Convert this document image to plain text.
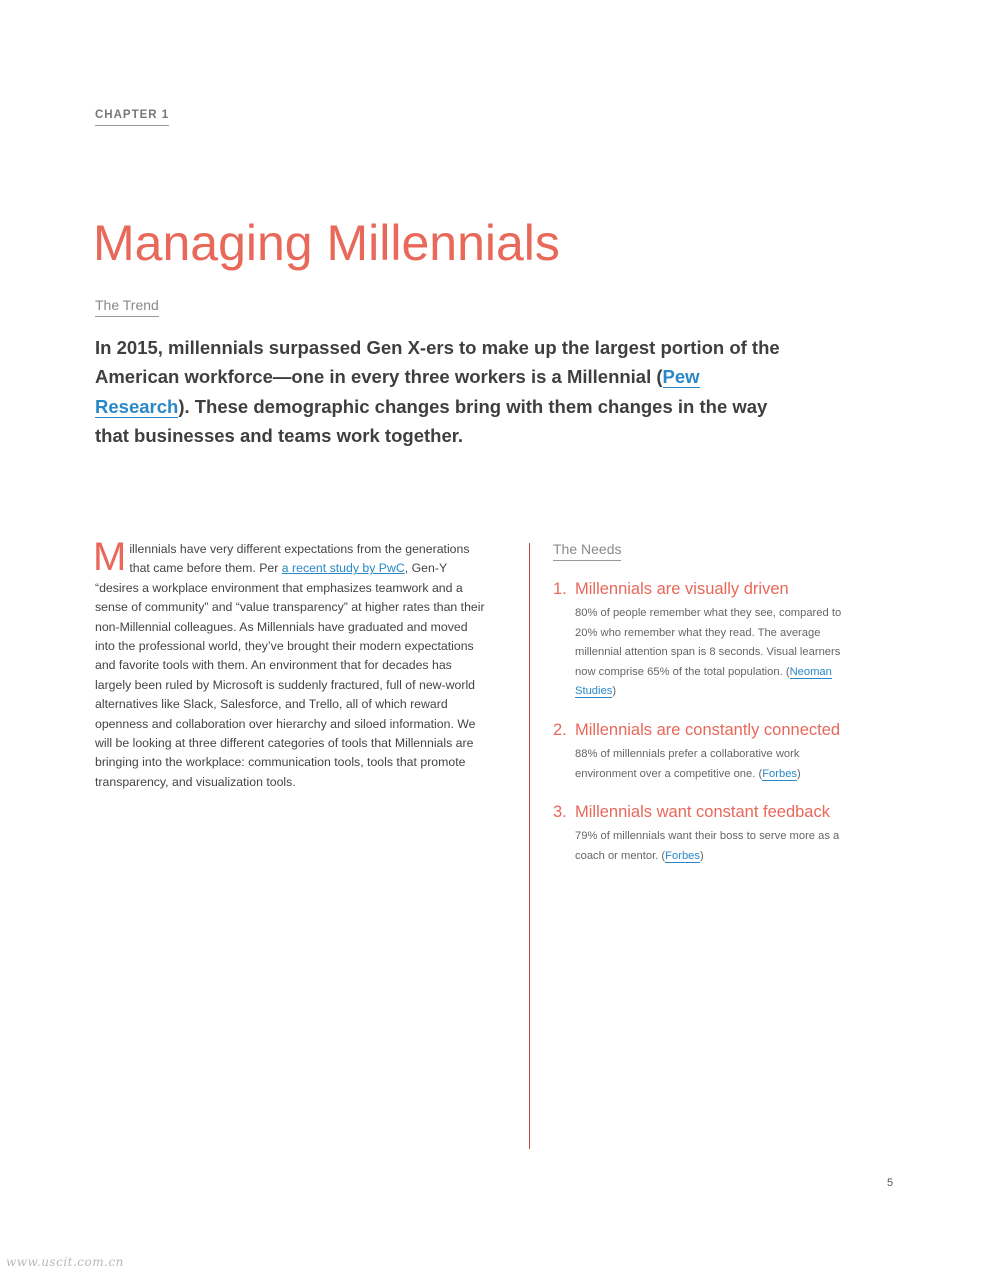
CHAPTER 1
Managing Millennials
The Trend

In 2015, millennials surpassed Gen X-ers to make up the largest portion of the American workforce—one in every three workers is a Millennial (Pew Research). These demographic changes bring with them changes in the way that businesses and teams work together.

Millennials have very different expectations from the generations that came before them. Per a recent study by PwC, Gen-Y “desires a workplace environment that emphasizes teamwork and a sense of community” and “value transparency” at higher rates than their non-Millennial colleagues. As Millennials have graduated and moved into the professional world, they’ve brought their modern expectations and favorite tools with them. An environment that for decades has largely been ruled by Microsoft is suddenly fractured, full of new-world alternatives like Slack, Salesforce, and Trello, all of which reward openness and collaboration over hierarchy and siloed information. We will be looking at three different categories of tools that Millennials are bringing into the workplace: communication tools, tools that promote transparency, and visualization tools.

The Needs
1. Millennials are visually driven
80% of people remember what they see, compared to 20% who remember what they read. The average millennial attention span is 8 seconds. Visual learners now comprise 65% of the total population. (Neoman Studies)
2. Millennials are constantly connected
88% of millennials prefer a collaborative work environment over a competitive one. (Forbes)
3. Millennials want constant feedback
79% of millennials want their boss to serve more as a coach or mentor. (Forbes)
5
www.uscit.com.cn
